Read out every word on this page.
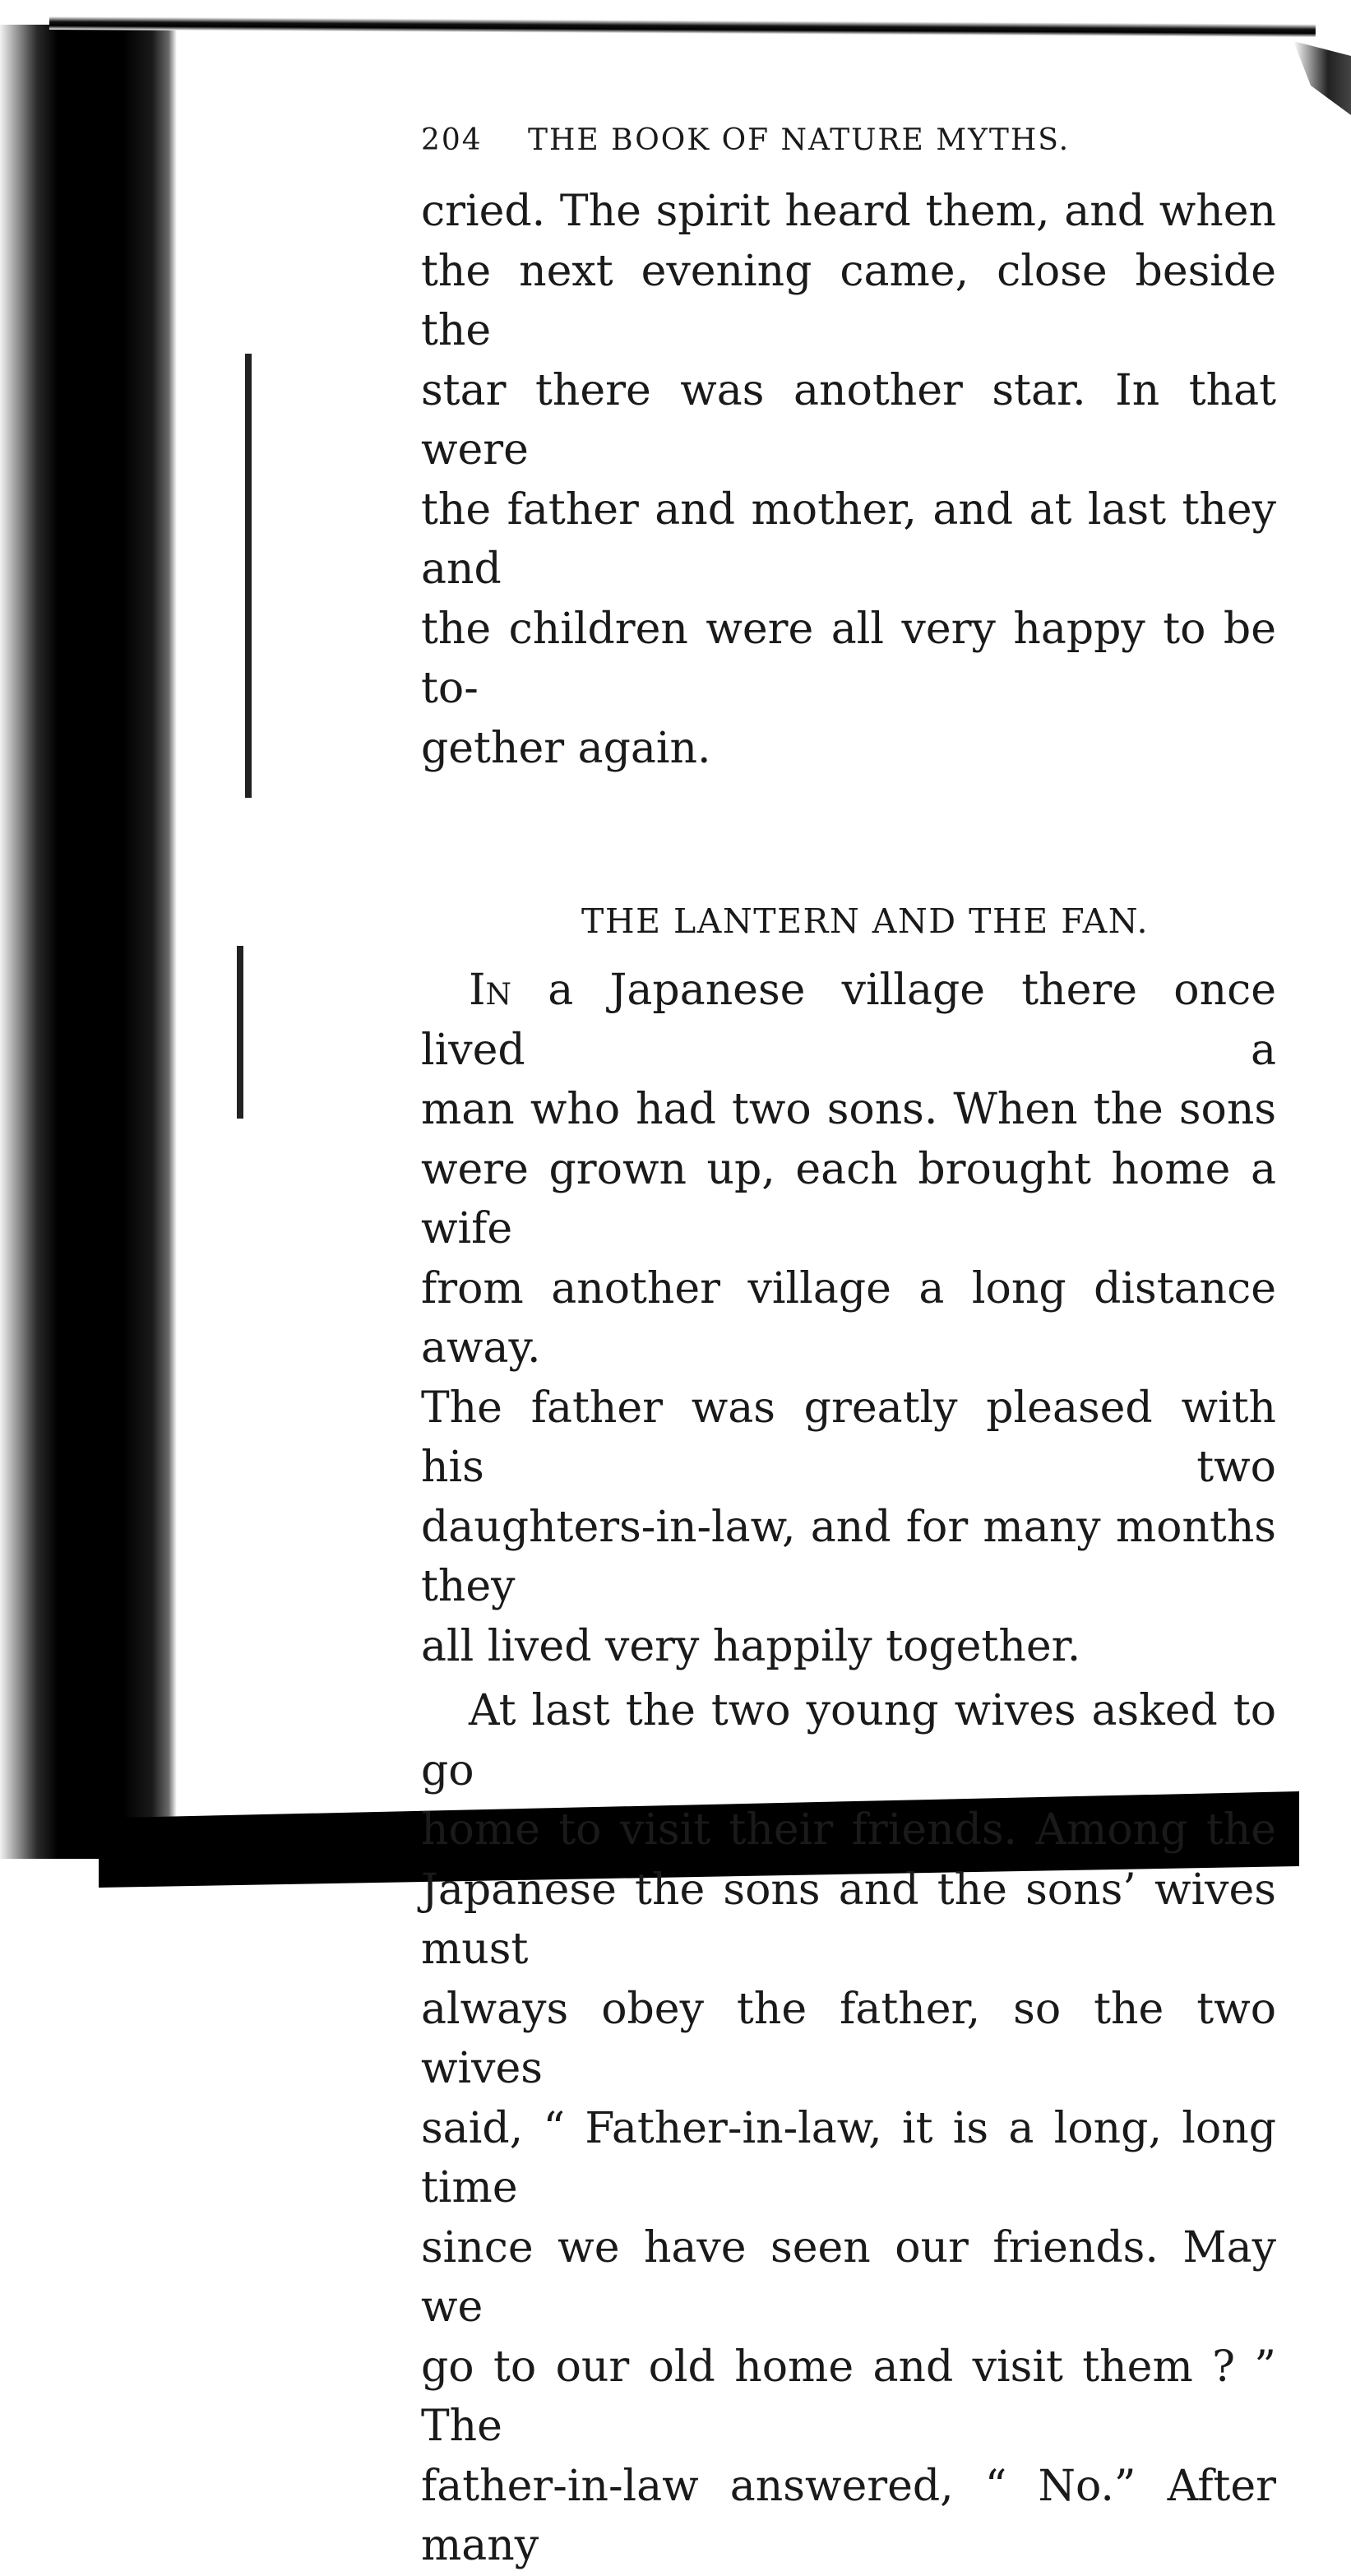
204	THE BOOK OF NATURE MYTHS.

cried. The spirit heard them, and when

the next evening came, close beside the

star there was another star. In that were

the father and mother, and at last they and

the children were all very happy to be to-

gether again.

THE LANTERN AND THE FAN.

In a Japanese village there once lived a

man who had two sons. When the sons

were grown up, each brought home a wife

from another village a long distance away.

The father was greatly pleased with his two

daughters-in-law, and for many months they

all lived very happily together.

At last the two young wives asked to go

home to visit their friends. Among the

Japanese the sons and the sons’ wives must

always obey the father, so the two wives

said, “ Father-in-law, it is a long, long time

since we have seen our friends. May we

go to our old home and visit them ? ” The

father-in-law answered, “ No.” After many
